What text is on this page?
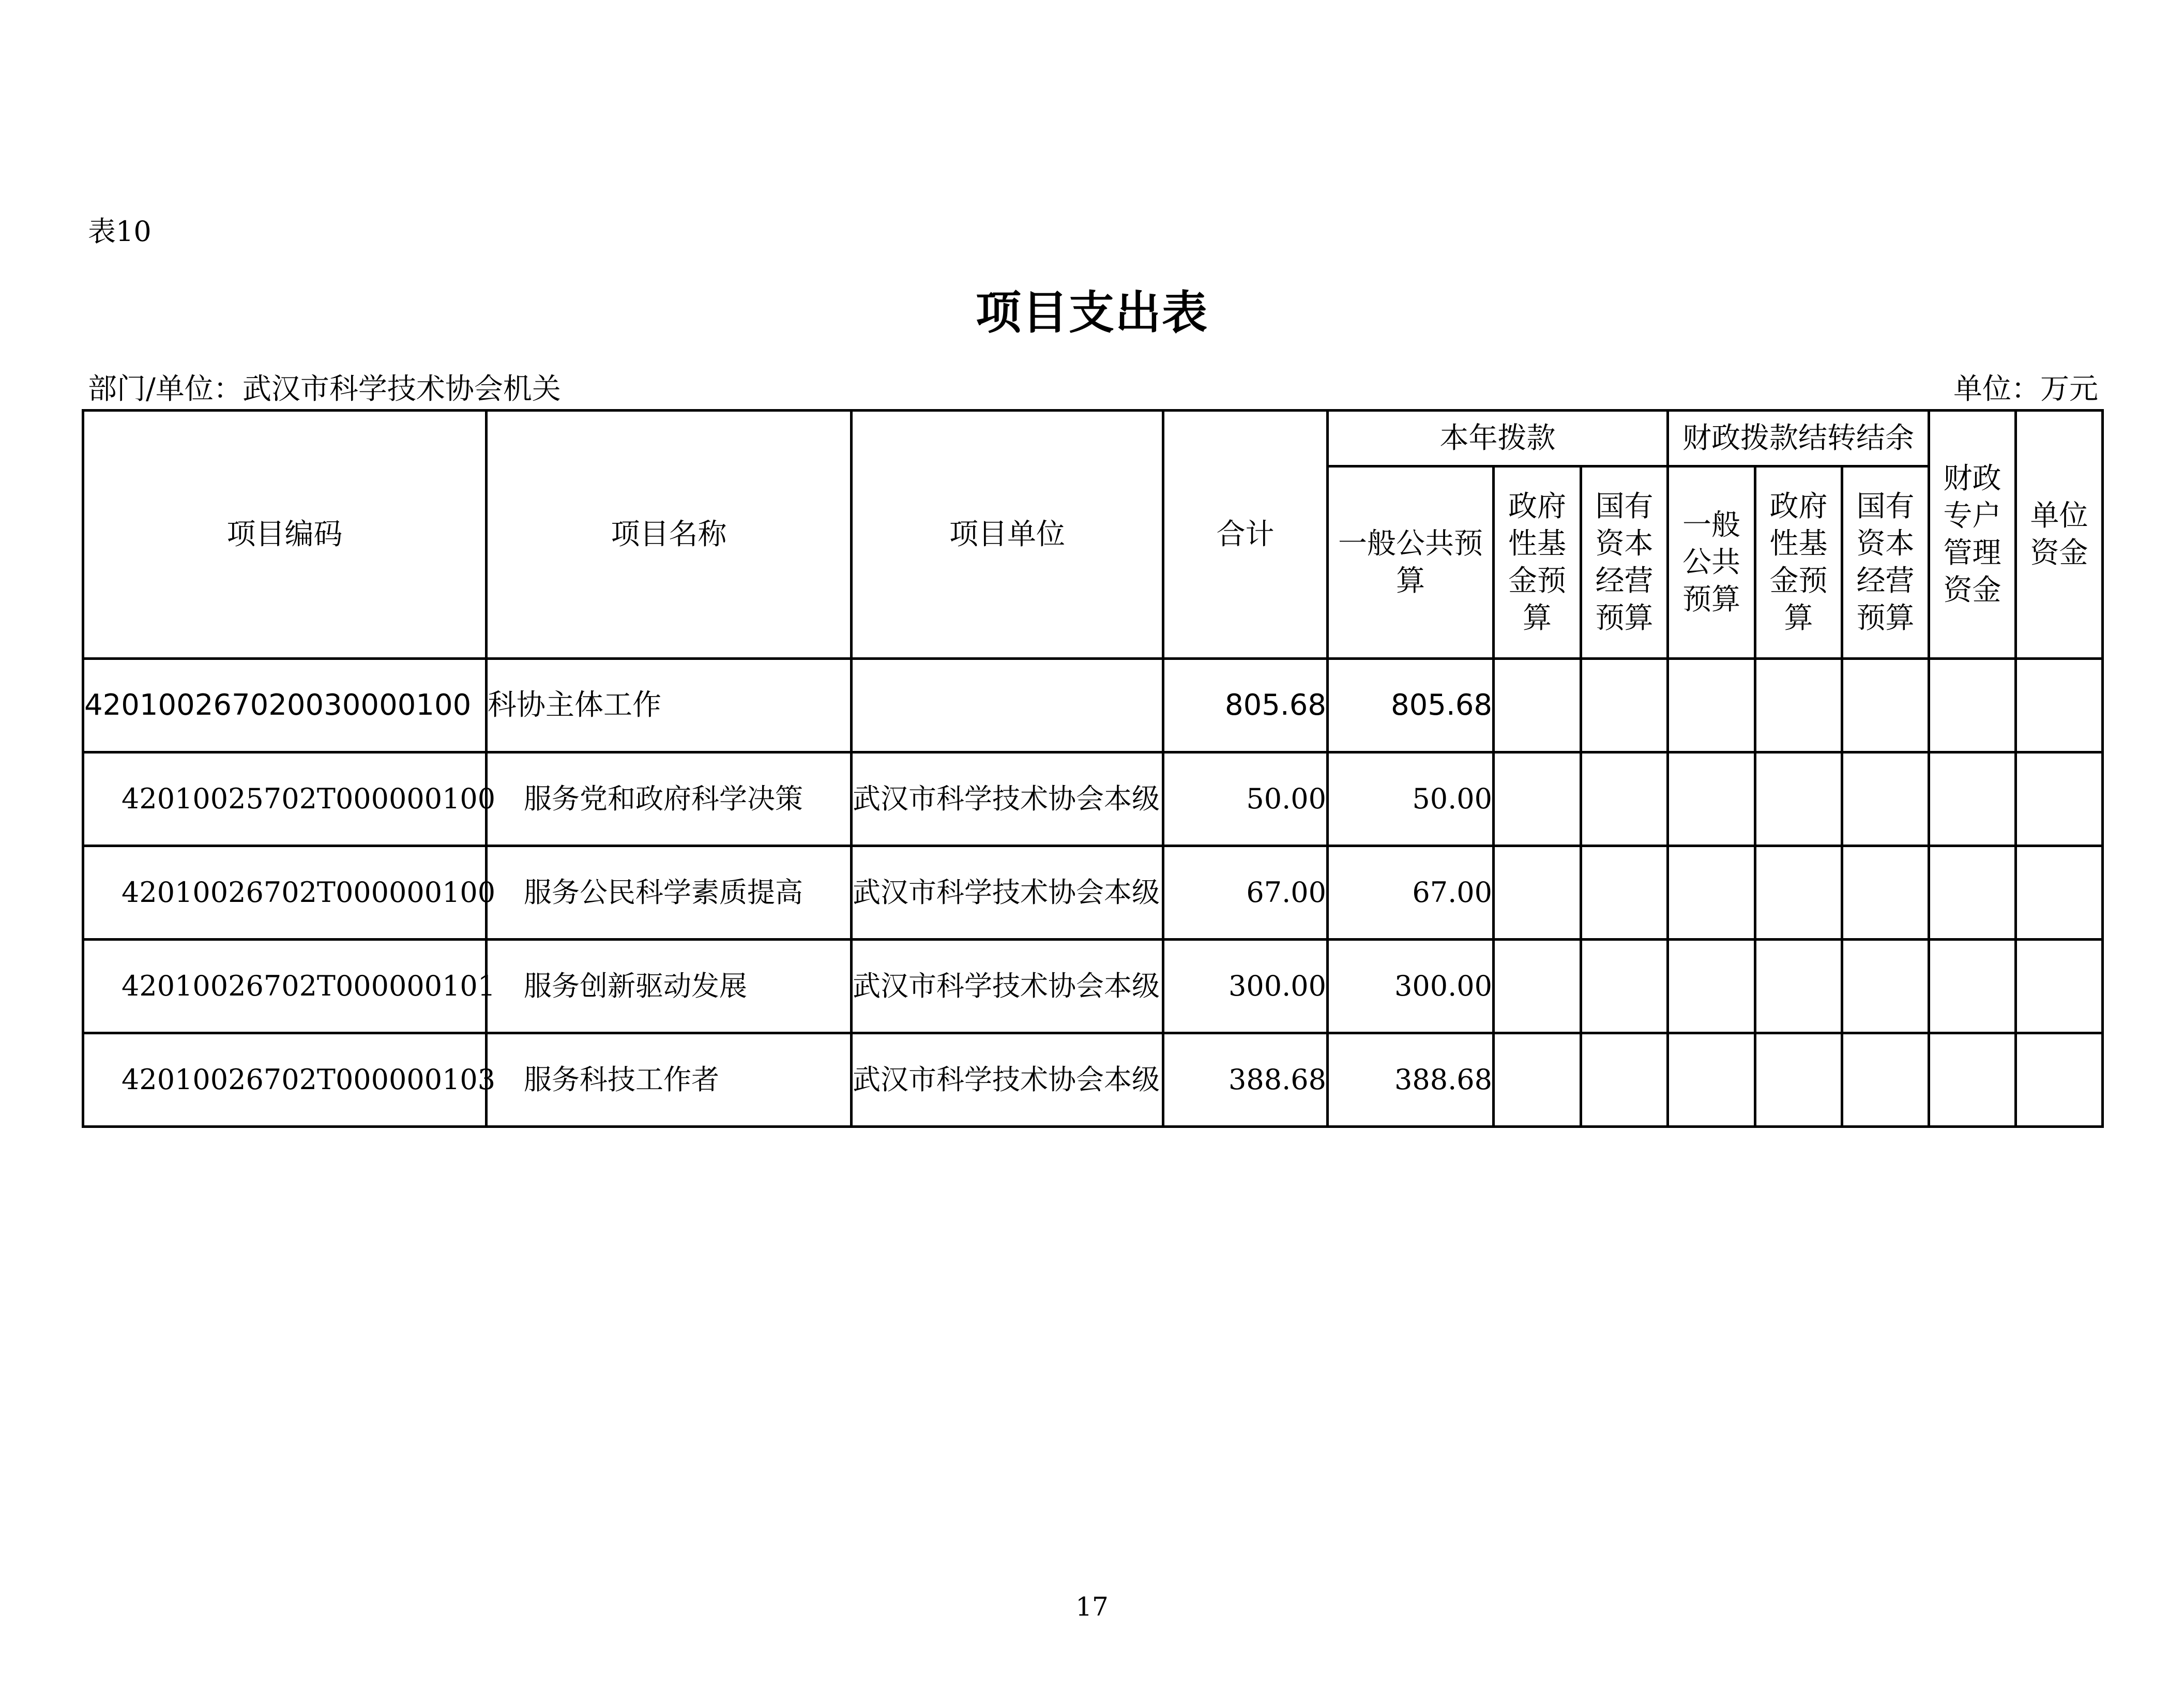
表10
项目支出表
部门/单位：武汉市科学技术协会机关	单位：万元
项目编码	项目名称	项目单位	合计	本年拨款			财政拨款结转结余			财政专户管理资金	单位资金
				一般公共预算	政府性基金预算	国有资本经营预算	一般公共预算	政府性基金预算	国有资本经营预算		
420100267020030000100	科协主体工作		805.68	805.68							
42010025702T000000100	服务党和政府科学决策	武汉市科学技术协会本级	50.00	50.00							
42010026702T000000100	服务公民科学素质提高	武汉市科学技术协会本级	67.00	67.00							
42010026702T000000101	服务创新驱动发展	武汉市科学技术协会本级	300.00	300.00							
42010026702T000000103	服务科技工作者	武汉市科学技术协会本级	388.68	388.68							
17
